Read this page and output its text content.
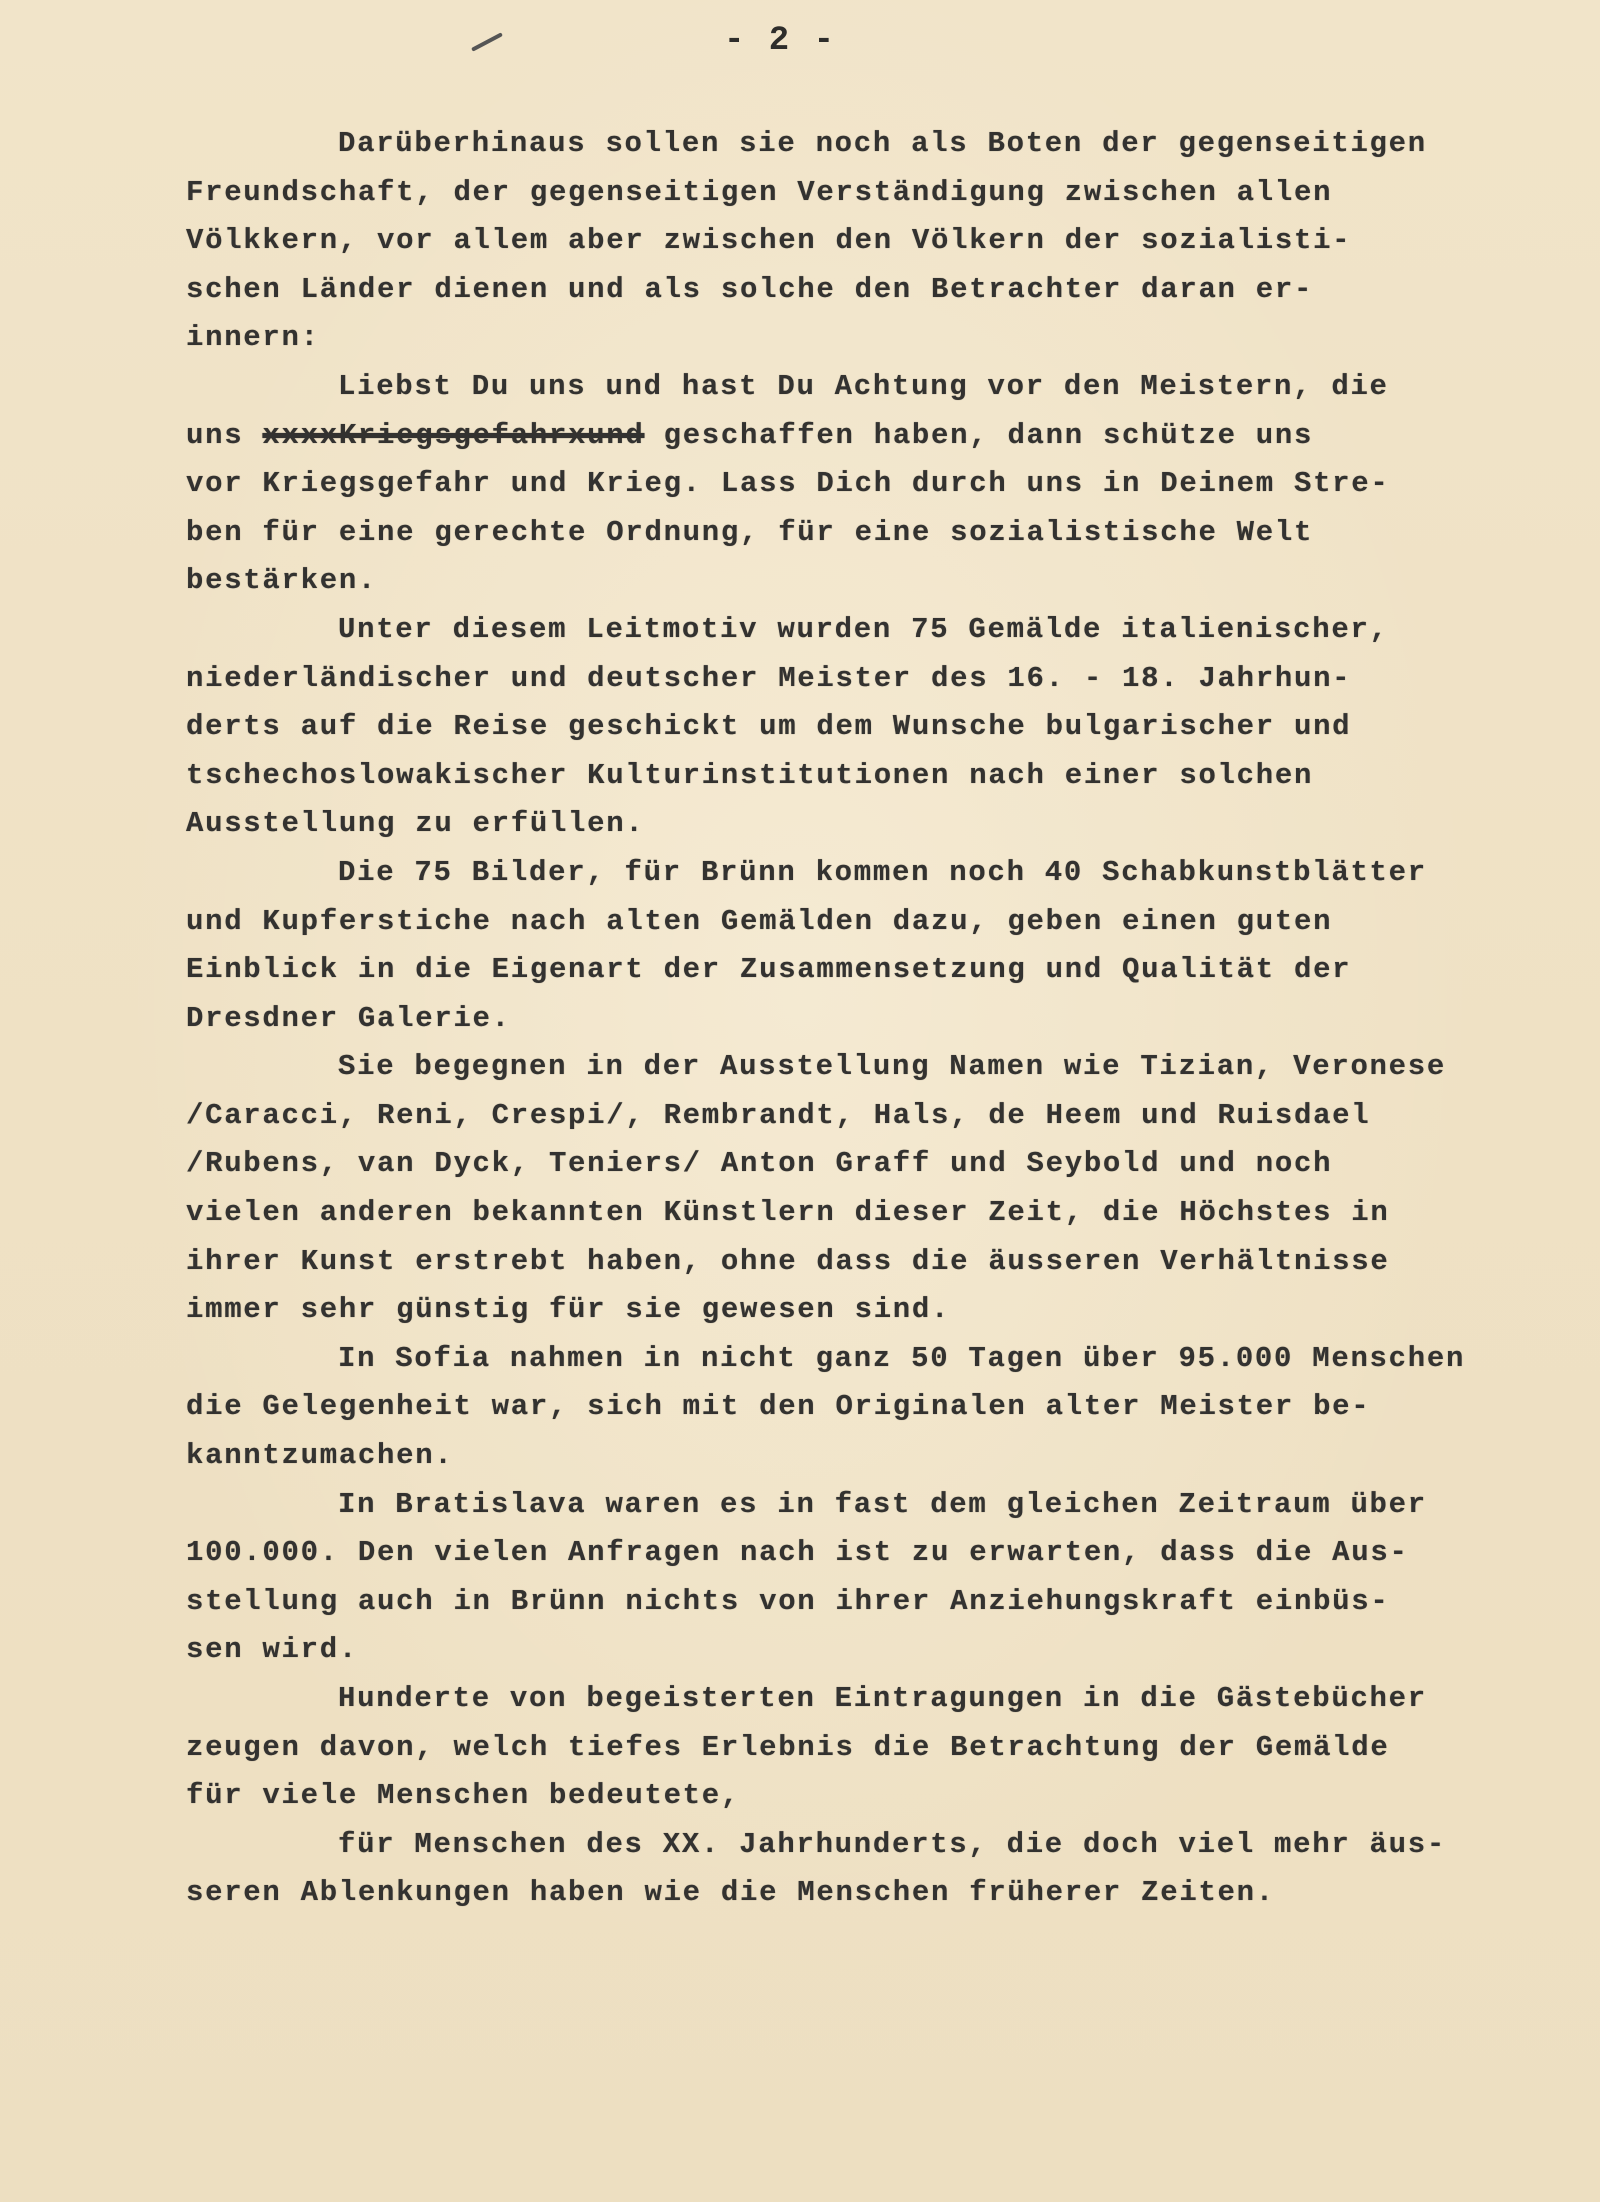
- 2 -
Darüberhinaus sollen sie noch als Boten der gegenseitigen
Freundschaft, der gegenseitigen Verständigung zwischen allen
Völkkern, vor allem aber zwischen den Völkern der sozialisti-
schen Länder dienen und als solche den Betrachter daran er-
innern:
Liebst Du uns und hast Du Achtung vor den Meistern, die
uns xxxxKriegsgefahrxund geschaffen haben, dann schütze uns
vor Kriegsgefahr und Krieg. Lass Dich durch uns in Deinem Stre-
ben für eine gerechte Ordnung, für eine sozialistische Welt
bestärken.
Unter diesem Leitmotiv wurden 75 Gemälde italienischer,
niederländischer und deutscher Meister des 16. - 18. Jahrhun-
derts auf die Reise geschickt um dem Wunsche bulgarischer und
tschechoslowakischer Kulturinstitutionen nach einer solchen
Ausstellung zu erfüllen.
Die 75 Bilder, für Brünn kommen noch 40 Schabkunstblätter
und Kupferstiche nach alten Gemälden dazu, geben einen guten
Einblick in die Eigenart der Zusammensetzung und Qualität der
Dresdner Galerie.
Sie begegnen in der Ausstellung Namen wie Tizian, Veronese
/Caracci, Reni, Crespi/, Rembrandt, Hals, de Heem und Ruisdael
/Rubens, van Dyck, Teniers/ Anton Graff und Seybold und noch
vielen anderen bekannten Künstlern dieser Zeit, die Höchstes in
ihrer Kunst erstrebt haben, ohne dass die äusseren Verhältnisse
immer sehr günstig für sie gewesen sind.
In Sofia nahmen in nicht ganz 50 Tagen über 95.000 Menschen
die Gelegenheit war, sich mit den Originalen alter Meister be-
kanntzumachen.
In Bratislava waren es in fast dem gleichen Zeitraum über
100.000. Den vielen Anfragen nach ist zu erwarten, dass die Aus-
stellung auch in Brünn nichts von ihrer Anziehungskraft einbüs-
sen wird.
Hunderte von begeisterten Eintragungen in die Gästebücher
zeugen davon, welch tiefes Erlebnis die Betrachtung der Gemälde
für viele Menschen bedeutete,
für Menschen des XX. Jahrhunderts, die doch viel mehr äus-
seren Ablenkungen haben wie die Menschen früherer Zeiten.
